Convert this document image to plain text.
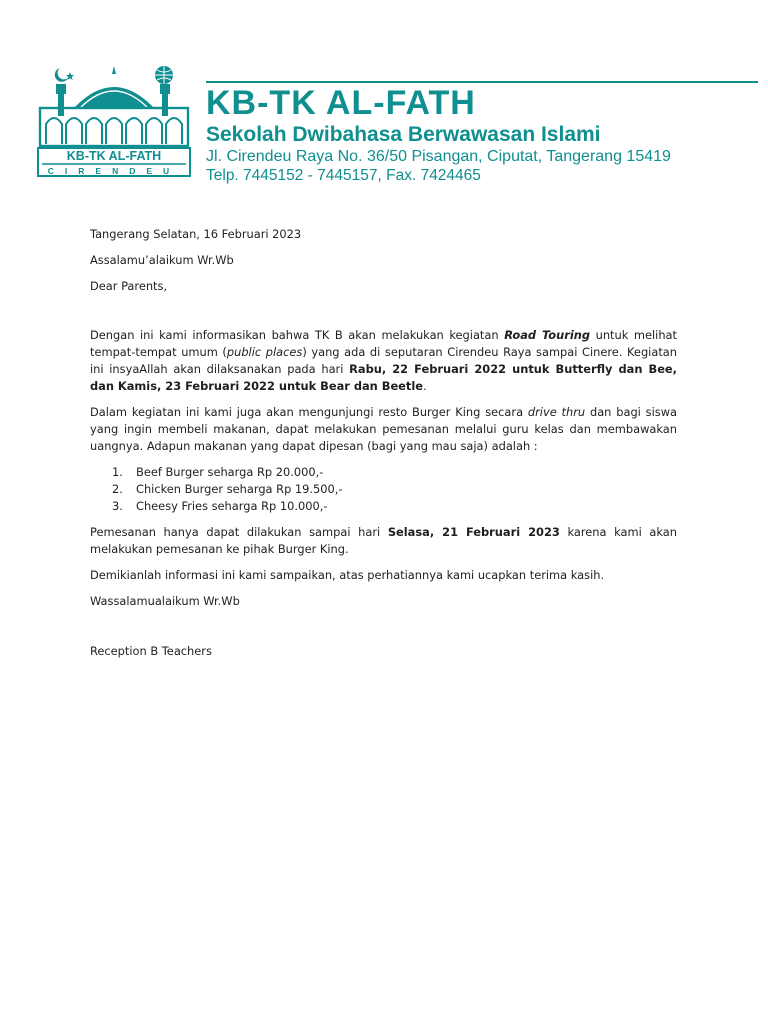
KB-TK AL-FATH
CIRENDEU

KB-TK AL-FATH

Sekolah Dwibahasa Berwawasan Islami

Jl. Cirendeu Raya No. 36/50 Pisangan, Ciputat, Tangerang 15419

Telp. 7445152 - 7445157, Fax. 7424465

Tangerang Selatan, 16 Februari 2023

Assalamu’alaikum Wr.Wb

Dear Parents,

Dengan ini kami informasikan bahwa TK B akan melakukan kegiatan Road Touring untuk melihat tempat-tempat umum (public places) yang ada di seputaran Cirendeu Raya sampai Cinere. Kegiatan ini insyaAllah akan dilaksanakan pada hari Rabu, 22 Februari 2022 untuk Butterfly dan Bee, dan Kamis, 23 Februari 2022 untuk Bear dan Beetle.

Dalam kegiatan ini kami juga akan mengunjungi resto Burger King secara drive thru dan bagi siswa yang ingin membeli makanan, dapat melakukan pemesanan melalui guru kelas dan membawakan uangnya. Adapun makanan yang dapat dipesan (bagi yang mau saja) adalah :

1. Beef Burger seharga Rp 20.000,-
2. Chicken Burger seharga Rp 19.500,-
3. Cheesy Fries seharga Rp 10.000,-

Pemesanan hanya dapat dilakukan sampai hari Selasa, 21 Februari 2023 karena kami akan melakukan pemesanan ke pihak Burger King.

Demikianlah informasi ini kami sampaikan, atas perhatiannya kami ucapkan terima kasih.

Wassalamualaikum Wr.Wb

Reception B Teachers
